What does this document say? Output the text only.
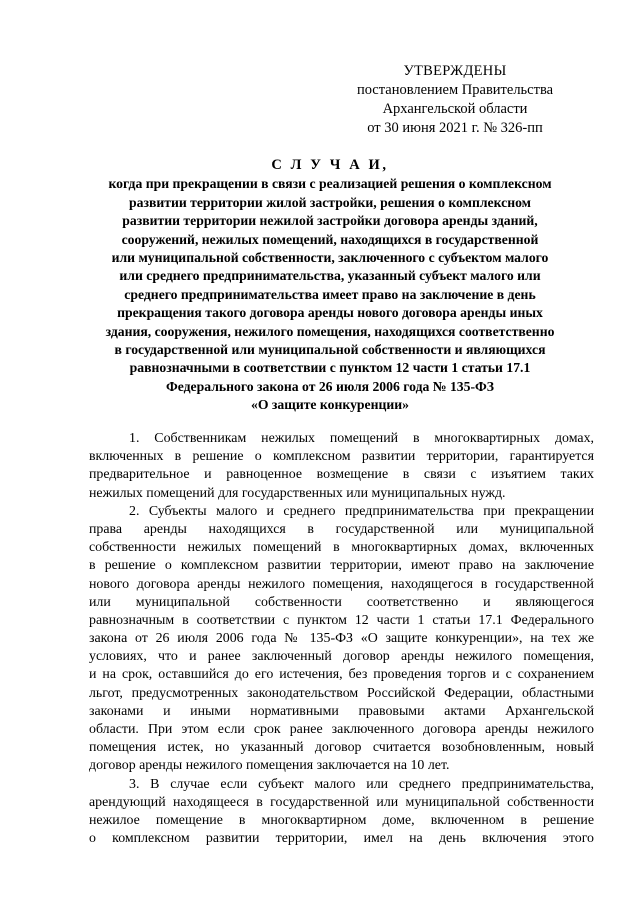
УТВЕРЖДЕНЫ
постановлением Правительства
Архангельской области
от 30 июня 2021 г. № 326-пп
С Л У Ч А И,
когда при прекращении в связи с реализацией решения о комплексном
развитии территории жилой застройки, решения о комплексном
развитии территории нежилой застройки договора аренды зданий,
сооружений, нежилых помещений, находящихся в государственной
или муниципальной собственности, заключенного с субъектом малого
или среднего предпринимательства, указанный субъект малого или
среднего предпринимательства имеет право на заключение в день
прекращения такого договора аренды нового договора аренды иных
здания, сооружения, нежилого помещения, находящихся соответственно
в государственной или муниципальной собственности и являющихся
равнозначными в соответствии с пунктом 12 части 1 статьи 17.1
Федерального закона от 26 июля 2006 года № 135-ФЗ
«О защите конкуренции»
1. Собственникам нежилых помещений в многоквартирных домах,
включенных в решение о комплексном развитии территории, гарантируется
предварительное и равноценное возмещение в связи с изъятием таких
нежилых помещений для государственных или муниципальных нужд.
2. Субъекты малого и среднего предпринимательства при прекращении
права аренды находящихся в государственной или муниципальной
собственности нежилых помещений в многоквартирных домах, включенных
в решение о комплексном развитии территории, имеют право на заключение
нового договора аренды нежилого помещения, находящегося в государственной
или муниципальной собственности соответственно и являющегося
равнозначным в соответствии с пунктом 12 части 1 статьи 17.1 Федерального
закона от 26 июля 2006 года № 135-ФЗ «О защите конкуренции», на тех же
условиях, что и ранее заключенный договор аренды нежилого помещения,
и на срок, оставшийся до его истечения, без проведения торгов и с сохранением
льгот, предусмотренных законодательством Российской Федерации, областными
законами и иными нормативными правовыми актами Архангельской
области. При этом если срок ранее заключенного договора аренды нежилого
помещения истек, но указанный договор считается возобновленным, новый
договор аренды нежилого помещения заключается на 10 лет.
3. В случае если субъект малого или среднего предпринимательства,
арендующий находящееся в государственной или муниципальной собственности
нежилое помещение в многоквартирном доме, включенном в решение
о комплексном развитии территории, имел на день включения этого
